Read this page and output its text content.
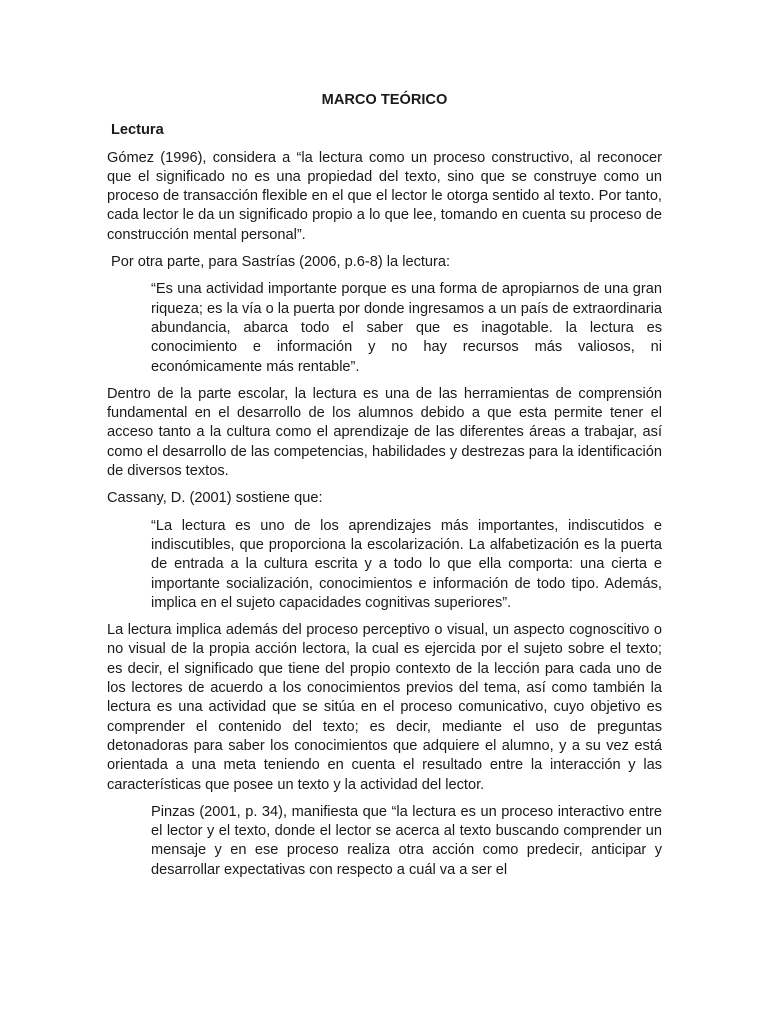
MARCO TEÓRICO
Lectura

Gómez (1996), considera a “la lectura como un proceso constructivo, al reconocer que el significado no es una propiedad del texto, sino que se construye como un proceso de transacción flexible en el que el lector le otorga sentido al texto. Por tanto, cada lector le da un significado propio a lo que lee, tomando en cuenta su proceso de construcción mental personal”.

Por otra parte, para Sastrías (2006, p.6-8) la lectura:

“Es una actividad importante porque es una forma de apropiarnos de una gran riqueza; es la vía o la puerta por donde ingresamos a un país de extraordinaria abundancia, abarca todo el saber que es inagotable. la lectura es conocimiento e información y no hay recursos más valiosos, ni económicamente más rentable”.

Dentro de la parte escolar, la lectura es una de las herramientas de comprensión fundamental en el desarrollo de los alumnos debido a que esta permite tener el acceso tanto a la cultura como el aprendizaje de las diferentes áreas a trabajar, así como el desarrollo de las competencias, habilidades y destrezas para la identificación de diversos textos.

Cassany, D. (2001) sostiene que:

“La lectura es uno de los aprendizajes más importantes, indiscutidos e indiscutibles, que proporciona la escolarización. La alfabetización es la puerta de entrada a la cultura escrita y a todo lo que ella comporta: una cierta e importante socialización, conocimientos e información de todo tipo. Además, implica en el sujeto capacidades cognitivas superiores”.

La lectura implica además del proceso perceptivo o visual, un aspecto cognoscitivo o no visual de la propia acción lectora, la cual es ejercida por el sujeto sobre el texto; es decir, el significado que tiene del propio contexto de la lección para cada uno de los lectores de acuerdo a los conocimientos previos del tema, así como también la lectura es una actividad que se sitúa en el proceso comunicativo, cuyo objetivo es comprender el contenido del texto; es decir, mediante el uso de preguntas detonadoras para saber los conocimientos que adquiere el alumno, y a su vez está orientada a una meta teniendo en cuenta el resultado entre la interacción y las características que posee un texto y la actividad del lector.

Pinzas (2001, p. 34), manifiesta que “la lectura es un proceso interactivo entre el lector y el texto, donde el lector se acerca al texto buscando comprender un mensaje y en ese proceso realiza otra acción como predecir, anticipar y desarrollar expectativas con respecto a cuál va a ser el
